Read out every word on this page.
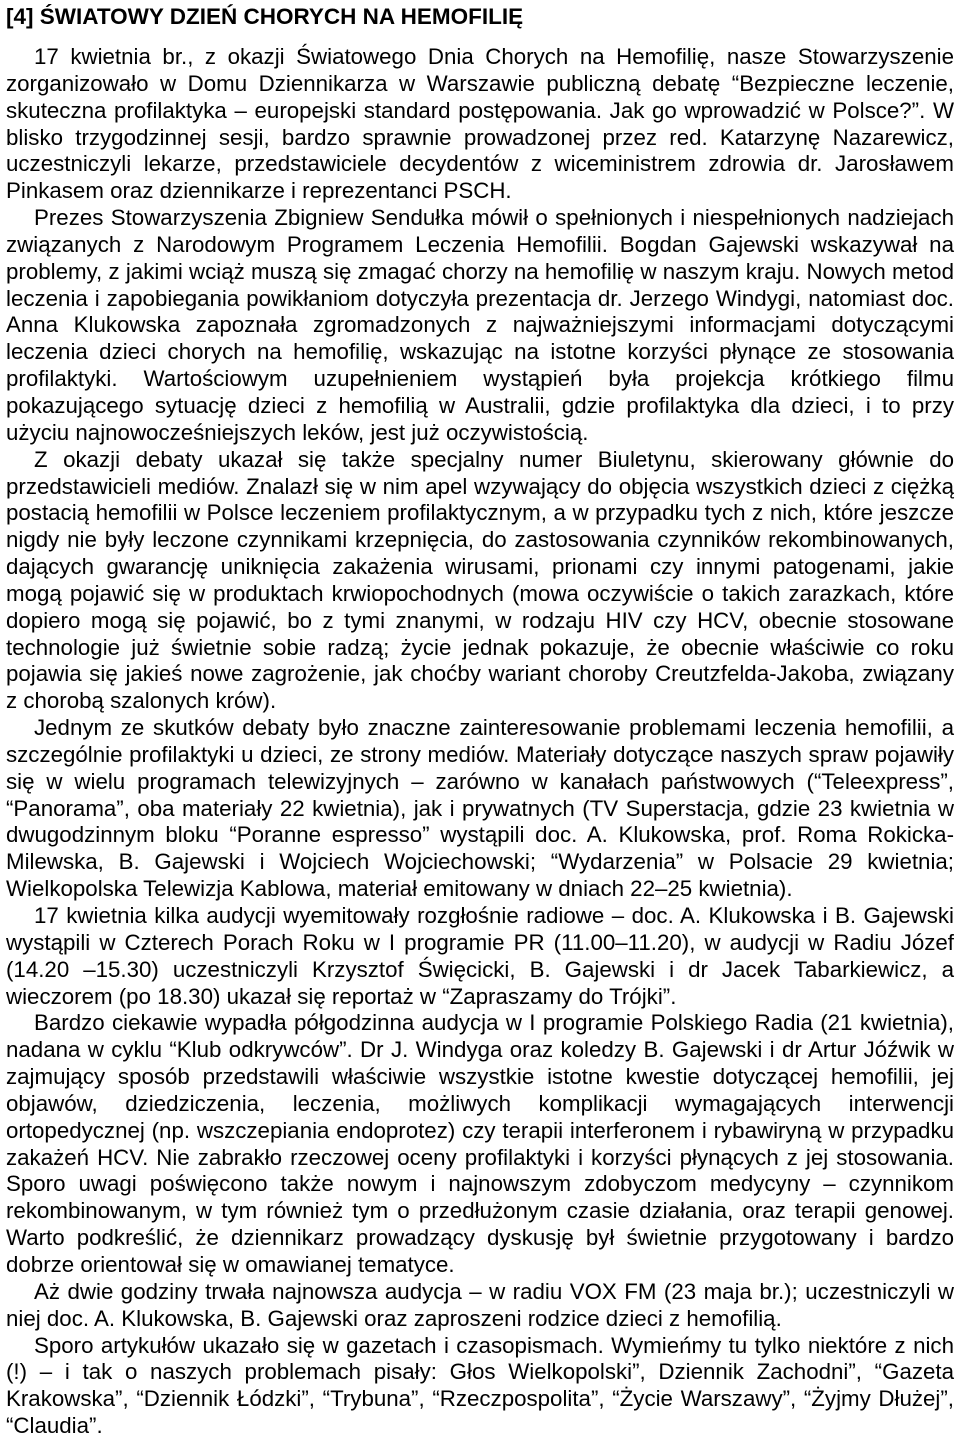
[4] ŚWIATOWY DZIEŃ CHORYCH NA HEMOFILIĘ

17 kwietnia br., z okazji Światowego Dnia Chorych na Hemofilię, nasze Stowarzyszenie zorganizowało w Domu Dziennikarza w Warszawie publiczną debatę “Bezpieczne leczenie, skuteczna profilaktyka – europejski standard postępowania. Jak go wprowadzić w Polsce?”. W blisko trzygodzinnej sesji, bardzo sprawnie prowadzonej przez red. Katarzynę Nazarewicz, uczestniczyli lekarze, przedstawiciele decydentów z wiceministrem zdrowia dr. Jarosławem Pinkasem oraz dziennikarze i reprezentanci PSCH.

Prezes Stowarzyszenia Zbigniew Sendułka mówił o spełnionych i niespełnionych nadziejach związanych z Narodowym Programem Leczenia Hemofilii. Bogdan Gajewski wskazywał na problemy, z jakimi wciąż muszą się zmagać chorzy na hemofilię w naszym kraju. Nowych metod leczenia i zapobiegania powikłaniom dotyczyła prezentacja dr. Jerzego Windygi, natomiast doc. Anna Klukowska zapoznała zgromadzonych z najważniejszymi informacjami dotyczącymi leczenia dzieci chorych na hemofilię, wskazując na istotne korzyści płynące ze stosowania profilaktyki. Wartościowym uzupełnieniem wystąpień była projekcja krótkiego filmu pokazującego sytuację dzieci z hemofilią w Australii, gdzie profilaktyka dla dzieci, i to przy użyciu najnowocześniejszych leków, jest już oczywistością.

Z okazji debaty ukazał się także specjalny numer Biuletynu, skierowany głównie do przedstawicieli mediów. Znalazł się w nim apel wzywający do objęcia wszystkich dzieci z ciężką postacią hemofilii w Polsce leczeniem profilaktycznym, a w przypadku tych z nich, które jeszcze nigdy nie były leczone czynnikami krzepnięcia, do zastosowania czynników rekombinowanych, dających gwarancję uniknięcia zakażenia wirusami, prionami czy innymi patogenami, jakie mogą pojawić się w produktach krwiopochodnych (mowa oczywiście o takich zarazkach, które dopiero mogą się pojawić, bo z tymi znanymi, w rodzaju HIV czy HCV, obecnie stosowane technologie już świetnie sobie radzą; życie jednak pokazuje, że obecnie właściwie co roku pojawia się jakieś nowe zagrożenie, jak choćby wariant choroby Creutzfelda-Jakoba, związany z chorobą szalonych krów).

Jednym ze skutków debaty było znaczne zainteresowanie problemami leczenia hemofilii, a szczególnie profilaktyki u dzieci, ze strony mediów. Materiały dotyczące naszych spraw pojawiły się w wielu programach telewizyjnych – zarówno w kanałach państwowych (“Teleexpress”, “Panorama”, oba materiały 22 kwietnia), jak i prywatnych (TV Superstacja, gdzie 23 kwietnia w dwugodzinnym bloku “Poranne espresso” wystąpili doc. A. Klukowska, prof. Roma Rokicka-Milewska, B. Gajewski i Wojciech Wojciechowski; “Wydarzenia” w Polsacie 29 kwietnia; Wielkopolska Telewizja Kablowa, materiał emitowany w dniach 22–25 kwietnia).

17 kwietnia kilka audycji wyemitowały rozgłośnie radiowe – doc. A. Klukowska i B. Gajewski wystąpili w Czterech Porach Roku w I programie PR (11.00–11.20), w audycji w Radiu Józef (14.20 –15.30) uczestniczyli Krzysztof Święcicki, B. Gajewski i dr Jacek Tabarkiewicz, a wieczorem (po 18.30) ukazał się reportaż w “Zapraszamy do Trójki”.

Bardzo ciekawie wypadła półgodzinna audycja w I programie Polskiego Radia (21 kwietnia), nadana w cyklu “Klub odkrywców”. Dr J. Windyga oraz koledzy B. Gajewski i dr Artur Jóźwik w zajmujący sposób przedstawili właściwie wszystkie istotne kwestie dotyczącej hemofilii, jej objawów, dziedziczenia, leczenia, możliwych komplikacji wymagających interwencji ortopedycznej (np. wszczepiania endoprotez) czy terapii interferonem i rybawiryną w przypadku zakażeń HCV. Nie zabrakło rzeczowej oceny profilaktyki i korzyści płynących z jej stosowania. Sporo uwagi poświęcono także nowym i najnowszym zdobyczom medycyny – czynnikom rekombinowanym, w tym również tym o przedłużonym czasie działania, oraz terapii genowej. Warto podkreślić, że dziennikarz prowadzący dyskusję był świetnie przygotowany i bardzo dobrze orientował się w omawianej tematyce.

Aż dwie godziny trwała najnowsza audycja – w radiu VOX FM (23 maja br.); uczestniczyli w niej doc. A. Klukowska, B. Gajewski oraz zaproszeni rodzice dzieci z hemofilią.

Sporo artykułów ukazało się w gazetach i czasopismach. Wymieńmy tu tylko niektóre z nich (!) – i tak o naszych problemach pisały: Głos Wielkopolski”, Dziennik Zachodni”, “Gazeta Krakowska”, “Dziennik Łódzki”, “Trybuna”, “Rzeczpospolita”, “Życie Warszawy”, “Żyjmy Dłużej”, “Claudia”.
